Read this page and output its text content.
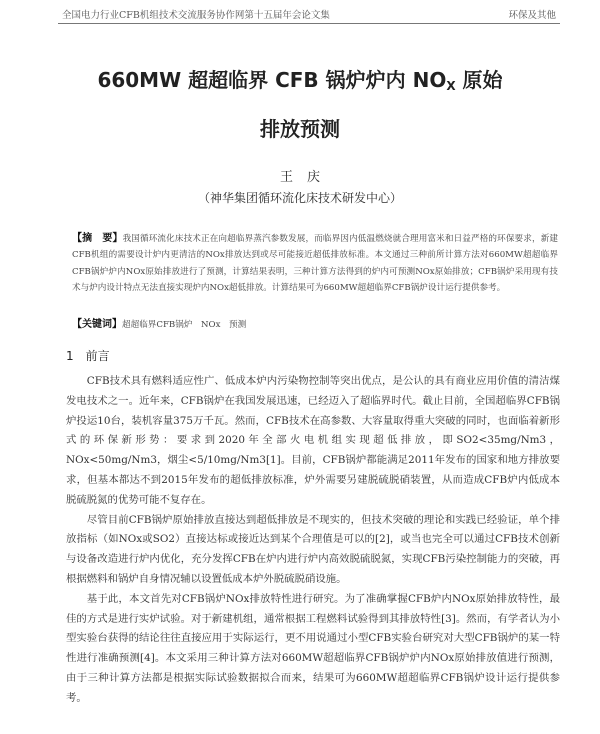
全国电力行业CFB机组技术交流服务协作网第十五届年会论文集	环保及其他
660MW 超超临界 CFB 锅炉炉内 $NO_X$ 原始
排放预测
王庆
（神华集团循环流化床技术研发中心）
【摘　要】我国循环流化床技术正在向超临界蒸汽参数发展，而临界因内低温燃烧就合理用富米和日益严格的环保要求，新建CFB机组的需要设计炉内更清洁的NOx排放达到或尽可能接近超低排放标准。本文通过三种前所计算方法对660MW超超临界CFB锅炉炉内NOx原始排放进行了预测，计算结果表明，三种计算方法得到的炉内可预测NOx原始排放；CFB锅炉采用现有技术与炉内设计特点无法直接实现炉内NOx超低排放。计算结果可为660MW超超临界CFB锅炉设计运行提供参考。
【关键词】超超临界CFB锅炉　NOx　预测
1 前言

CFB技术具有燃料适应性广、低成本炉内污染物控制等突出优点，是公认的具有商业应用价值的清洁煤发电技术之一。近年来，CFB锅炉在我国发展迅速，已经迈入了超临界时代。截止目前，全国超临界CFB锅炉投运10台，装机容量375万千瓦。然而，CFB技术在高参数、大容量取得重大突破的同时，也面临着新形式的环保新形势：要求到2020年全部火电机组实现超低排放，即SO2<35mg/Nm3，NOx<50mg/Nm3，烟尘<5/10mg/Nm3[1]。目前，CFB锅炉都能满足2011年发布的国家和地方排放要求，但基本都达不到2015年发布的超低排放标准，炉外需要另建脱硫脱硝装置，从而造成CFB炉内低成本脱硫脱氮的优势可能不复存在。

尽管目前CFB锅炉原始排放直接达到超低排放是不现实的，但技术突破的理论和实践已经验证，单个排放指标（如NOx或SO2）直接达标或接近达到某个合理值是可以的[2]，或当也完全可以通过CFB技术创新与设备改造进行炉内优化，充分发挥CFB在炉内进行炉内高效脱硫脱氮，实现CFB污染控制能力的突破，再根据燃料和锅炉自身情况辅以设置低成本炉外脱硫脱硝设施。

基于此，本文首先对CFB锅炉NOx排放特性进行研究。为了准确掌握CFB炉内NOx原始排放特性，最佳的方式是进行实炉试验。对于新建机组，通常根据工程燃料试验得到其排放特性[3]。然而，有学者认为小型实验台获得的结论往往直接应用于实际运行，更不用说通过小型CFB实验台研究对大型CFB锅炉的某一特性进行准确预测[4]。本文采用三种计算方法对660MW超超临界CFB锅炉炉内NOx原始排放值进行预测，由于三种计算方法都是根据实际试验数据拟合而来，结果可为660MW超超临界CFB锅炉设计运行提供参考。
